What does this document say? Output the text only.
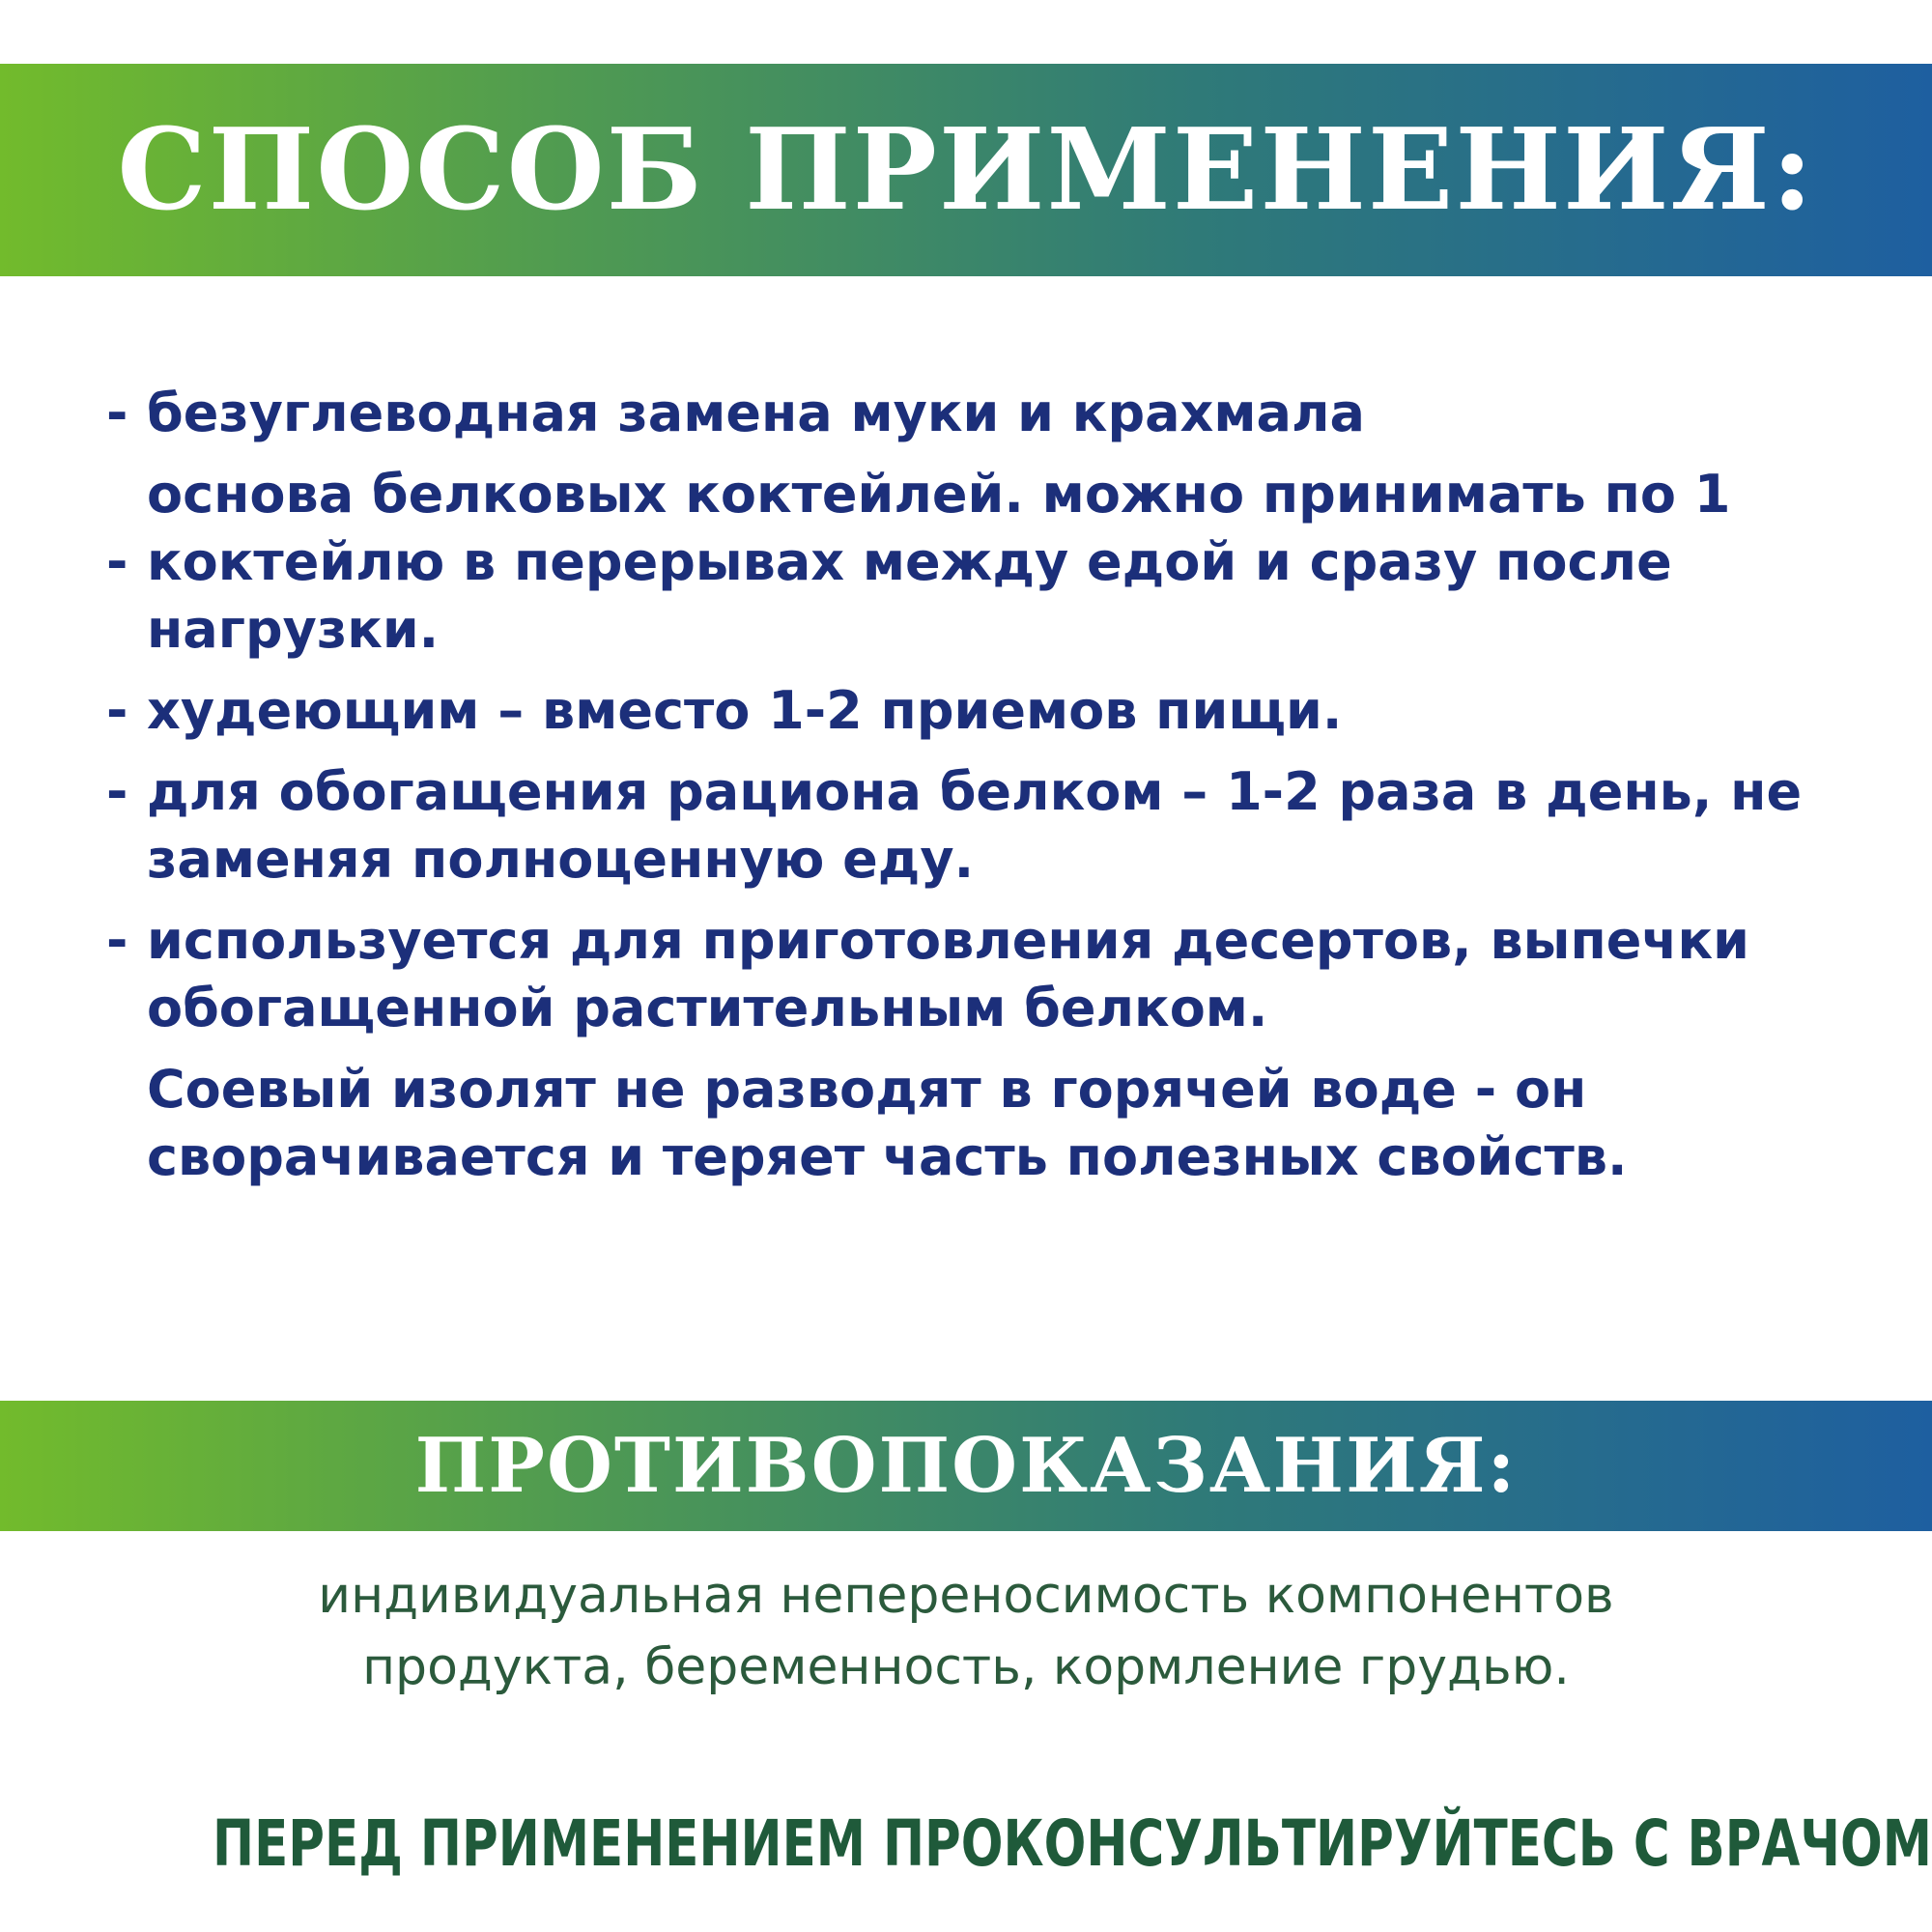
СПОСОБ ПРИМЕНЕНИЯ:
- безуглеводная замена муки и крахмала
-
основа белковых коктейлей. можно принимать по 1
коктейлю в перерывах между едой и сразу после
нагрузки.
- худеющим – вместо 1-2 приемов пищи.
- для обогащения рациона белком – 1-2 раза в день, не
заменяя полноценную еду.
- используется для приготовления десертов, выпечки
обогащенной растительным белком.
Соевый изолят не разводят в горячей воде - он
сворачивается и теряет часть полезных свойств.
ПРОТИВОПОКАЗАНИЯ:
индивидуальная непереносимость компонентов
продукта, беременность, кормление грудью.
ПЕРЕД ПРИМЕНЕНИЕМ ПРОКОНСУЛЬТИРУЙТЕСЬ С ВРАЧОМ
